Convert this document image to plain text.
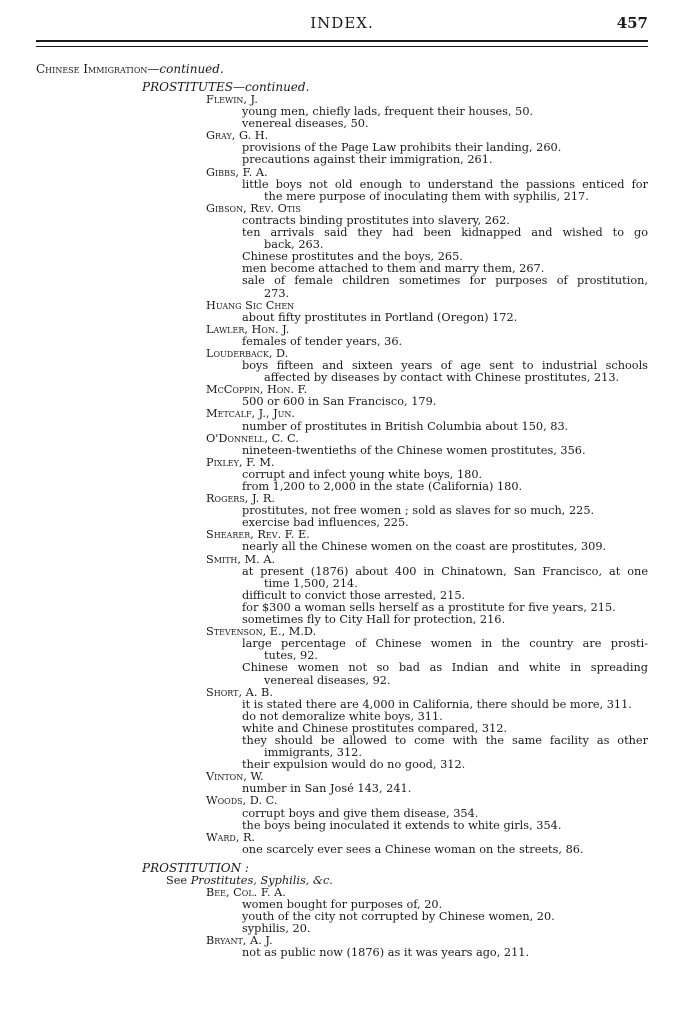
INDEX.	457
Chinese Immigration—continued.
PROSTITUTES—continued.
Flewin, J.
young men, chiefly lads, frequent their houses, 50.
venereal diseases, 50.
Gray, G. H.
provisions of the Page Law prohibits their landing, 260.
precautions against their immigration, 261.
Gibbs, F. A.
little boys not old enough to understand the passions enticed for
the mere purpose of inoculating them with syphilis, 217.
Gibson, Rev. Otis
contracts binding prostitutes into slavery, 262.
ten arrivals said they had been kidnapped and wished to go
back, 263.
Chinese prostitutes and the boys, 265.
men become attached to them and marry them, 267.
sale of female children sometimes for purposes of prostitution,
273.
Huang Sic Chen
about fifty prostitutes in Portland (Oregon) 172.
Lawler, Hon. J.
females of tender years, 36.
Louderback, D.
boys fifteen and sixteen years of age sent to industrial schools
affected by diseases by contact with Chinese prostitutes, 213.
McCoppin, Hon. F.
500 or 600 in San Francisco, 179.
Metcalf, J., Jun.
number of prostitutes in British Columbia about 150, 83.
O'Donnell, C. C.
nineteen-twentieths of the Chinese women prostitutes, 356.
Pixley, F. M.
corrupt and infect young white boys, 180.
from 1,200 to 2,000 in the state (California) 180.
Rogers, J. R.
prostitutes, not free women ; sold as slaves for so much, 225.
exercise bad influences, 225.
Shearer, Rev. F. E.
nearly all the Chinese women on the coast are prostitutes, 309.
Smith, M. A.
at present (1876) about 400 in Chinatown, San Francisco, at one
time 1,500, 214.
difficult to convict those arrested, 215.
for $300 a woman sells herself as a prostitute for five years, 215.
sometimes fly to City Hall for protection, 216.
Stevenson, E., M.D.
large percentage of Chinese women in the country are prosti-
tutes, 92.
Chinese women not so bad as Indian and white in spreading
venereal diseases, 92.
Short, A. B.
it is stated there are 4,000 in California, there should be more, 311.
do not demoralize white boys, 311.
white and Chinese prostitutes compared, 312.
they should be allowed to come with the same facility as other
immigrants, 312.
their expulsion would do no good, 312.
Vinton, W.
number in San José 143, 241.
Woods, D. C.
corrupt boys and give them disease, 354.
the boys being inoculated it extends to white girls, 354.
Ward, R.
one scarcely ever sees a Chinese woman on the streets, 86.
PROSTITUTION :
See Prostitutes, Syphilis, &c.
Bee, Col. F. A.
women bought for purposes of, 20.
youth of the city not corrupted by Chinese women, 20.
syphilis, 20.
Bryant, A. J.
not as public now (1876) as it was years ago, 211.
